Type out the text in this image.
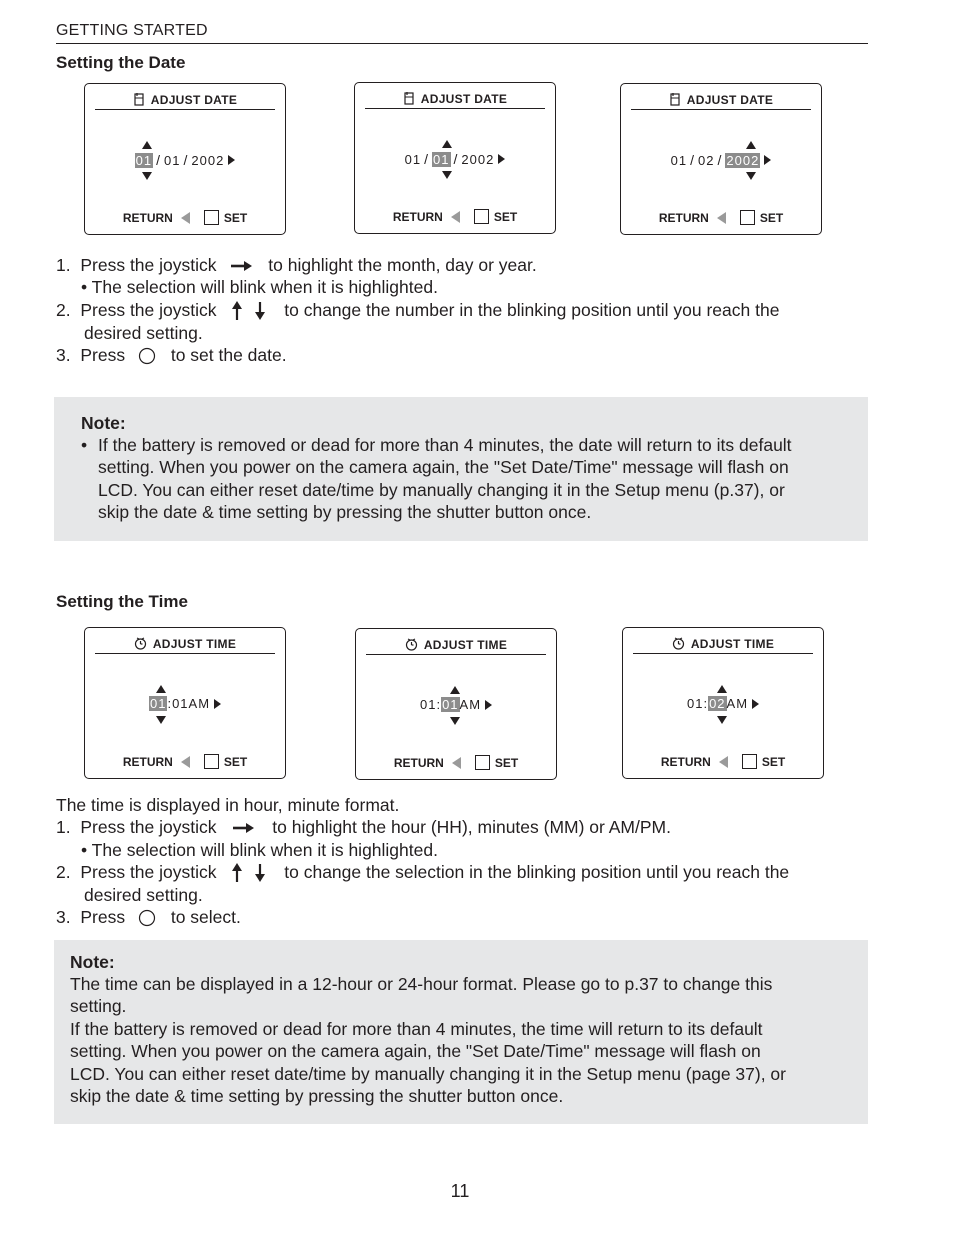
GETTING STARTED
Setting the Date
ADJUST DATE
01 / 01 / 2002
RETURN	SET
ADJUST DATE
01 / 01 / 2002
RETURN	SET
ADJUST DATE
01 / 02 / 2002
RETURN	SET
1. Press the joystick	to highlight the month, day or year.
• The selection will blink when it is highlighted.
2. Press the joystick	to change the number in the blinking position until you reach the
desired setting.
3. Press	to set the date.
Note:
• If the battery is removed or dead for more than 4 minutes, the date will return to its default
setting. When you power on the camera again, the "Set Date/Time" message will flash on
LCD. You can either reset date/time by manually changing it in the Setup menu (p.37), or
skip the date & time setting by pressing the shutter button once.
Setting the Time
ADJUST TIME
01 : 01 AM
RETURN	SET
ADJUST TIME
01 : 01 AM
RETURN	SET
ADJUST TIME
01 : 02 AM
RETURN	SET
The time is displayed in hour, minute format.
1. Press the joystick	to highlight the hour (HH), minutes (MM) or AM/PM.
• The selection will blink when it is highlighted.
2. Press the joystick	to change the selection in the blinking position until you reach the
desired setting.
3. Press	to select.
Note:
The time can be displayed in a 12-hour or 24-hour format. Please go to p.37 to change this
setting.
If the battery is removed or dead for more than 4 minutes, the time will return to its default
setting. When you power on the camera again, the "Set Date/Time" message will flash on
LCD. You can either reset date/time by manually changing it in the Setup menu (page 37), or
skip the date & time setting by pressing the shutter button once.
11
